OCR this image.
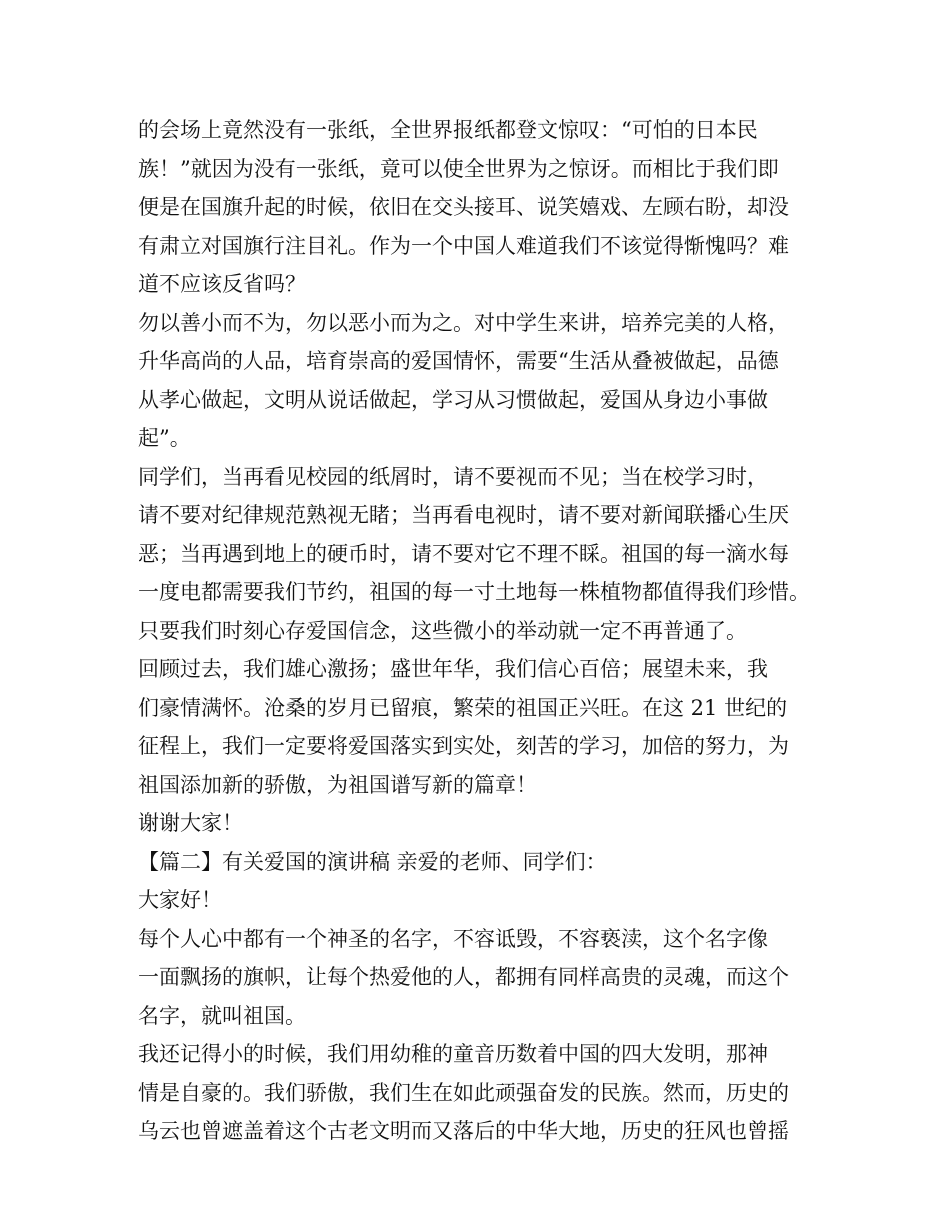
的会场上竟然没有一张纸，全世界报纸都登文惊叹：“可怕的日本民
族！”就因为没有一张纸，竟可以使全世界为之惊讶。而相比于我们即
便是在国旗升起的时候，依旧在交头接耳、说笑嬉戏、左顾右盼，却没
有肃立对国旗行注目礼。作为一个中国人难道我们不该觉得惭愧吗？难
道不应该反省吗？
勿以善小而不为，勿以恶小而为之。对中学生来讲，培养完美的人格，
升华高尚的人品，培育崇高的爱国情怀，需要“生活从叠被做起，品德
从孝心做起，文明从说话做起，学习从习惯做起，爱国从身边小事做
起”。
同学们，当再看见校园的纸屑时，请不要视而不见；当在校学习时，
请不要对纪律规范熟视无睹；当再看电视时，请不要对新闻联播心生厌
恶；当再遇到地上的硬币时，请不要对它不理不睬。祖国的每一滴水每
一度电都需要我们节约，祖国的每一寸土地每一株植物都值得我们珍惜。
只要我们时刻心存爱国信念，这些微小的举动就一定不再普通了。
回顾过去，我们雄心激扬；盛世年华，我们信心百倍；展望未来，我
们豪情满怀。沧桑的岁月已留痕，繁荣的祖国正兴旺。在这 21 世纪的
征程上，我们一定要将爱国落实到实处，刻苦的学习，加倍的努力，为
祖国添加新的骄傲，为祖国谱写新的篇章！
谢谢大家！
【篇二】有关爱国的演讲稿 亲爱的老师、同学们：
大家好！
每个人心中都有一个神圣的名字，不容诋毁，不容亵渎，这个名字像
一面飘扬的旗帜，让每个热爱他的人，都拥有同样高贵的灵魂，而这个
名字，就叫祖国。
我还记得小的时候，我们用幼稚的童音历数着中国的四大发明，那神
情是自豪的。我们骄傲，我们生在如此顽强奋发的民族。然而，历史的
乌云也曾遮盖着这个古老文明而又落后的中华大地，历史的狂风也曾摇
